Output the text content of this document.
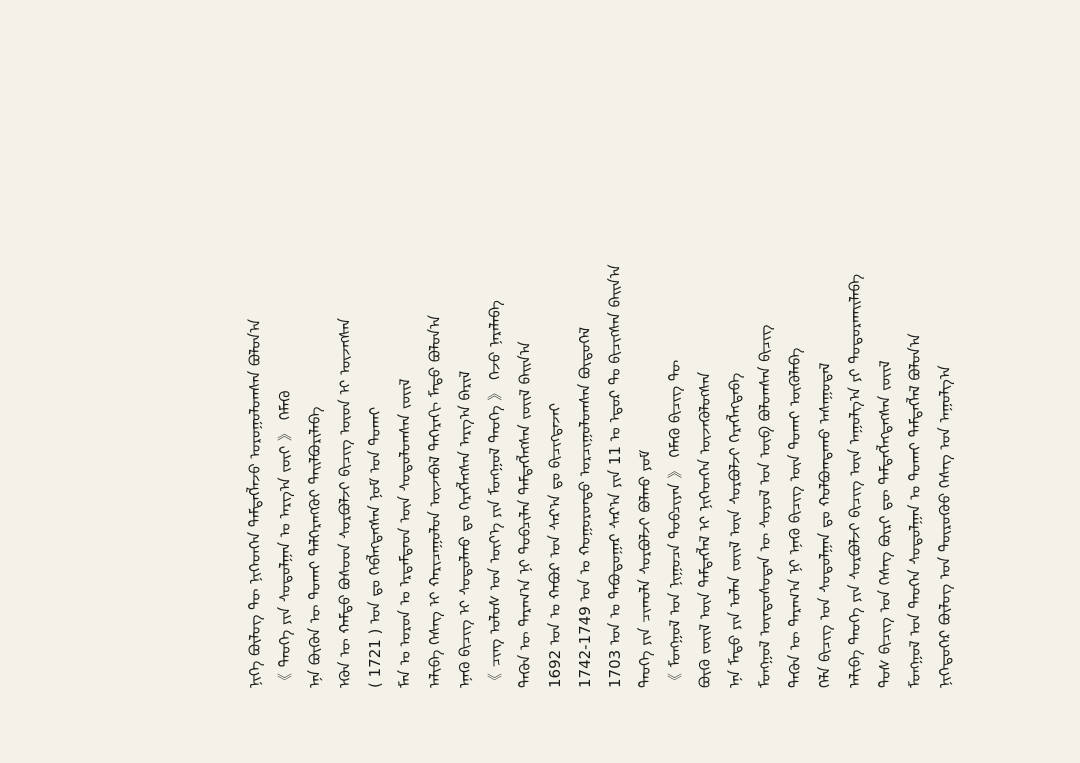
ᠨᠢᠭᠡᠳᠦᠭᠡᠷ ᠪᠦᠯᠦᠭ ᠤᠨ ᠲᠦᠷᠦᠭᠦᠦ ᠬᠡᠰᠡᠭ ᠤᠨ ᠠᠭᠤᠯᠭ᠎ᠠ
ᠮᠣᠩᠭᠣᠯ ᠤᠨ ᠲᠡᠦᠬᠡᠨ ᠰᠤᠳᠤᠯᠭᠠᠨ ᠤ ᠲᠤᠬᠠᠢ ᠲᠡᠮᠳᠡᠭᠯᠡᠯ ᠪᠣᠯᠤᠨ᠎ᠠ
ᠲᠤᠰ ᠪᠢᠴᠢᠭ ᠤᠨ ᠬᠡᠰᠡᠭ ᠪᠦᠷᠢ ᠳᠦ ᠲᠡᠮᠳᠡᠭᠯᠡᠭᠳᠡᠭᠰᠡᠨ ᠵᠦᠢᠯ
ᠠᠯᠢᠪᠠ ᠲᠡᠦᠬᠡ ᠶᠢᠨ ᠰᠤᠷᠪᠤᠯᠵᠢ ᠪᠢᠴᠢᠭ ᠦᠨ ᠠᠭᠤᠯᠭ᠎ᠠ ᠶᠢ ᠲᠤᠳᠤᠷᠬᠠᠢᠯᠠᠪᠠ
ᠬᠡᠯᠡ ᠪᠢᠴᠢᠭ ᠤᠨ ᠰᠤᠳᠤᠯᠭᠠᠨ ᠳᠤ ᠬᠣᠯᠪᠣᠭᠳᠠᠬᠤ ᠠᠰᠠᠭᠤᠳᠠᠯ
ᠲᠡᠭᠦᠨ ᠦ ᠳᠠᠷᠠᠭ᠎ᠠ ᠨᠢ ᠡᠨᠡᠬᠦ ᠪᠢᠴᠢᠭ ᠦᠨ ᠲᠤᠬᠠᠢ ᠦᠭᠦᠯᠡᠪᠡ
ᠮᠣᠩᠭᠣᠯ ᠦᠨᠳᠦᠰᠦᠲᠡᠨ ᠦ ᠰᠤᠶᠤᠯ ᠤᠨ ᠦᠪ ᠪᠣᠯᠤᠭᠰᠠᠨ ᠪᠢᠴᠢᠭ᠌
ᠡᠨᠡ ᠮᠡᠲᠦ ᠶᠢᠨ ᠣᠯᠠᠨ ᠵᠦᠢᠯ ᠦᠨ ᠰᠤᠷᠪᠤᠯᠵᠢ ᠬᠡᠷᠡᠭᠯᠡᠭᠳᠡᠪᠡ
ᠪᠦᠬᠦ ᠵᠦᠢᠯ ᠦᠨ ᠲᠡᠮᠳᠡᠭᠯᠡᠯ ᠢ ᠨᠢᠭᠡᠳᠬᠡᠨ ᠦᠵᠡᠭᠦᠯᠦᠭᠰᠡᠨ
《 ᠮᠣᠩᠭᠣᠯ ᠤᠨ ᠨᠢᠭᠤᠴᠠ ᠲᠣᠪᠴᠢᠶᠠᠨ 》 ᠬᠡᠮᠡᠬᠦ ᠪᠢᠴᠢᠭ ᠲᠦ
ᠲᠡᠦᠬᠡ ᠶᠢᠨ ᠴᠢᠬᠤᠯᠠ ᠰᠤᠷᠪᠤᠯᠵᠢ ᠪᠣᠯᠬᠤ ᠶᠤᠮ
1703 ᠣᠨ ᠤ ᠲᠠᠪᠤᠳᠤᠭᠠᠷ ᠰᠠᠷ᠎ᠠ ᠶᠢᠨ 11 ᠤ ᠡᠳᠦᠷ ᠲᠤ ᠪᠢᠴᠢᠭᠰᠡᠨ ᠪᠠᠢᠨ᠎ᠠ
1742-1749 ᠣᠨ ᠤ ᠬᠣᠭᠣᠷᠣᠨᠳᠤ ᠣᠷᠴᠢᠭᠤᠯᠤᠭᠰᠠᠨ ᠪᠦᠲᠦᠭᠡᠯ
1692 ᠣᠨ ᠤ ᠬᠠᠪᠤᠷ ᠤᠨ ᠰᠠᠷ᠎ᠠ ᠳᠤ ᠪᠢᠴᠢᠭᠳᠡᠵᠡᠢ
ᠲᠡᠭᠦᠨ ᠦ ᠳᠠᠷᠠᠭ᠎ᠠ ᠨᠢ ᠲᠣᠪᠴᠢᠯᠠᠨ ᠲᠡᠮᠳᠡᠭᠯᠡᠭᠰᠡᠨ ᠵᠦᠢᠯ ᠪᠠᠢᠨ᠎ᠠ
《 ᠴᠢᠩ ᠤᠯᠤᠰ ᠤᠨ ᠦᠶ᠎ᠡ ᠶᠢᠨ ᠮᠣᠩᠭᠣᠯ ᠲᠡᠦᠬᠡ 》 ᠭᠡᠵᠦ ᠨᠡᠷᠡᠯᠡᠪᠡ
ᠡᠨᠡᠬᠦ ᠪᠢᠴᠢᠭ ᠢ ᠰᠤᠳᠤᠯᠬᠤ ᠳᠤ ᠬᠡᠷᠡᠭᠯᠡᠭᠰᠡᠨ ᠠᠷᠭ᠎ᠠ ᠪᠠᠷᠢᠯ
ᠠᠯᠢᠪᠠ ᠬᠡᠰᠡᠭ ᠢ ᠬᠠᠷᠢᠴᠠᠭᠤᠯᠤᠨ ᠦᠵᠡᠪᠡᠯ ᠳᠡᠭᠡᠷᠡᠬᠢ ᠮᠡᠲᠦ ᠪᠣᠯᠤᠨ᠎ᠠ
ᠮᠠᠨ ᠤ ᠣᠷᠣᠨ ᠤ ᠡᠷᠳᠡᠮᠲᠡᠳ ᠦᠨ ᠰᠤᠳᠤᠯᠤᠭᠰᠠᠨ ᠵᠦᠢᠯ
( 1721 ) ᠣᠨ ᠳᠤ ᠬᠡᠪᠯᠡᠭᠳᠡᠭᠰᠡᠨ ᠨᠣᠮ ᠤᠨ ᠲᠤᠬᠠᠢ
ᠡᠭᠦᠨ ᠦ ᠬᠠᠮᠲᠤ ᠪᠤᠰᠤᠳ ᠰᠤᠷᠪᠤᠯᠵᠢ ᠪᠢᠴᠢᠭ ᠦᠳ ᠢ ᠦᠵᠡᠭᠰᠡᠨ
ᠡᠨᠡ ᠪᠦᠬᠦᠨ ᠦ ᠲᠤᠬᠠᠢ ᠳᠡᠯᠭᠡᠷᠡᠩᠭᠦᠢ ᠲᠠᠢᠯᠪᠤᠷᠢᠯᠠᠪᠠ
《 ᠲᠡᠦᠬᠡ ᠶᠢᠨ ᠰᠤᠳᠤᠯᠭᠠᠨ ᠤ ᠠᠷᠭ᠎ᠠ ᠵᠦᠢ 》 ᠬᠡᠮᠡᠬᠦ
ᠨᠢᠭᠡ ᠪᠦᠯᠦᠭ ᠲᠦ ᠨᠢᠭᠡᠳᠬᠡᠨ ᠲᠡᠮᠳᠡᠭᠯᠡᠵᠦ ᠣᠷᠣᠭᠤᠯᠤᠭᠰᠠᠨ ᠪᠣᠯᠤᠨ᠎ᠠ
